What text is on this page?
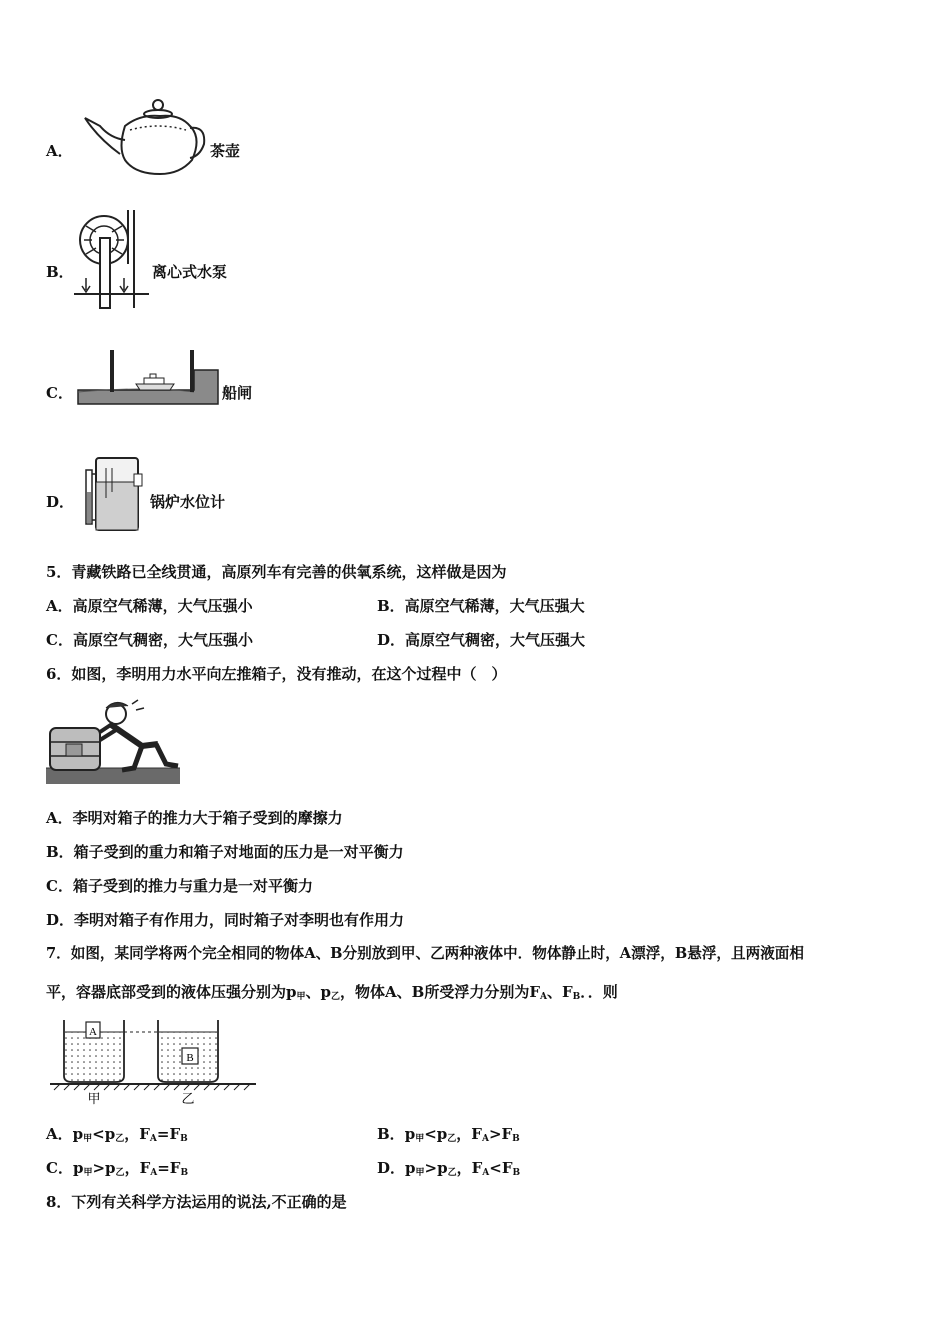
A．	茶壶
B．	离心式水泵
C．	船闸
D．	锅炉水位计
5．青藏铁路已全线贯通，高原列车有完善的供氧系统，这样做是因为
A．高原空气稀薄，大气压强小	B．高原空气稀薄，大气压强大
C．高原空气稠密，大气压强小	D．高原空气稠密，大气压强大
6．如图，李明用力水平向左推箱子，没有推动，在这个过程中（　）
A．李明对箱子的推力大于箱子受到的摩擦力
B．箱子受到的重力和箱子对地面的压力是一对平衡力
C．箱子受到的推力与重力是一对平衡力
D．李明对箱子有作用力，同时箱子对李明也有作用力
7．如图，某同学将两个完全相同的物体A、B分别放到甲、乙两种液体中．物体静止时，A漂浮，B悬浮，且两液面相
平，容器底部受到的液体压强分别为$p_甲$、$p_乙$，物体A、B所受浮力分别为$F_A$、$F_B$．．则
A
B
甲	乙
A．$p_甲<p_乙$，$F_A=F_B$	B．$p_甲<p_乙$，$F_A>F_B$
C．$p_甲>p_乙$，$F_A=F_B$	D．$p_甲>p_乙$，$F_A<F_B$
8．下列有关科学方法运用的说法,不正确的是
